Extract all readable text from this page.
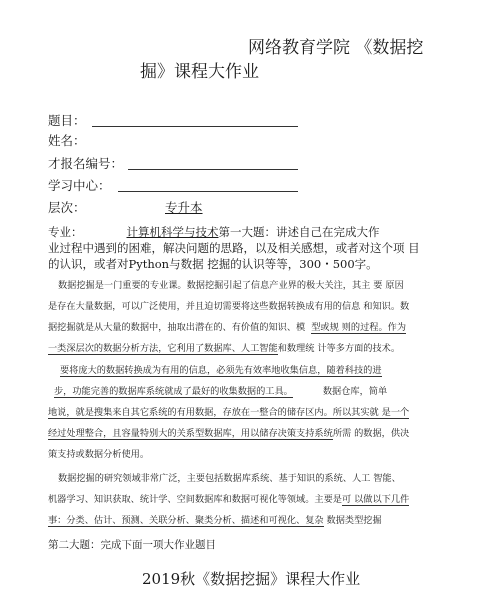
网络教育学院 《数据挖
掘》课程大作业
题目：
姓名：
才报名编号：
学习中心：
层次：	专升本

专业：	计算机科学与技术第一大题：讲述自己在完成大作

业过程中遇到的困难，解决问题的思路，以及相关感想，或者对这个项 目

的认识，或者对Python与数据 挖掘的认识等等，300・500字。

数据挖掘是一门重要的专业课。数据挖掘引起了信息产业界的极大关注，其主 要 原因

是存在大量数据，可以广泛使用，并且迫切需要将这些数据转换成有用的信息 和知识。数

据挖掘就是从大量的数据中，抽取出潜在的、有价值的知识、模 型或规 则的过程。作为

一类深层次的数据分析方法，它利用了数据库、人工智能和数理统 计等多方面的技术。

要将庞大的数据转换成为有用的信息，必须先有效率地收集信息，随着科技的进

步，功能完善的数据库系统就成了最好的收集数据的工具。	数据仓库，简单

地说，就是搜集来自其它系统的有用数据，存放在一整合的储存区内。所以其实就 是一个

经过处理整合，且容量特别大的关系型数据库，用以储存决策支持系统所需 的数据，供决

策支持或数据分析使用。

数据挖掘的研究领域非常广泛，主要包括数据库系统、基于知识的系统、人工 智能、

机器学习、知识获取、统计学、空间数据库和数据可视化等领域。主要是可 以做以下几件

事：分类、估计、预测、关联分析、聚类分析、描述和可视化、复杂 数据类型挖掘

第二大题：完成下面一项大作业题目
2019秋《数据挖掘》课程大作业
